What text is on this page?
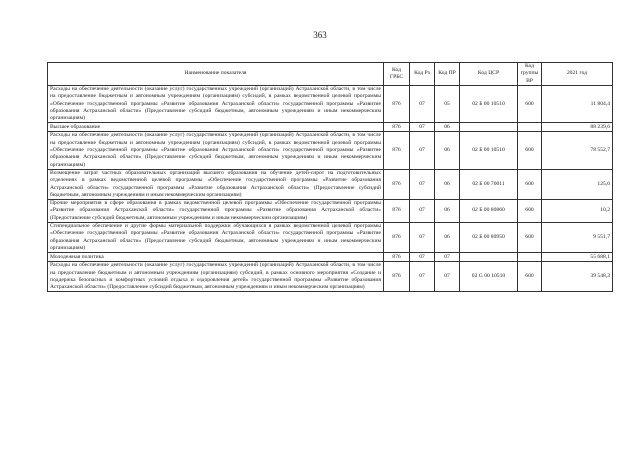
363
Наименование показателя	Код ГРБС	Код Рз	Код ПР	Код ЦСР	Код группы ВР	2021 год
Расходы на обеспечение деятельности (оказание услуг) государственных учреждений (организаций) Астраханской области, в том числе на предоставление бюджетным и автономным учреждениям (организациям) субсидий, в рамках ведомственной целевой программы «Обеспечение государственной программы «Развитие образования Астраханской области» государственной программы «Развитие образования Астраханской области» (Предоставление субсидий бюджетным, автономным учреждениям и иным некоммерческим организациям)	876	07	05	02 Б 00 10510	600	11 804,4
Высшее образование	876	07	06			88 239,6
Расходы на обеспечение деятельности (оказание услуг) государственных учреждений (организаций) Астраханской области, в том числе на предоставление бюджетным и автономным учреждениям (организациям) субсидий, в рамках ведомственной целевой программы «Обеспечение государственной программы «Развитие образования Астраханской области» государственной программы «Развитие образования Астраханской области» (Предоставление субсидий бюджетным, автономным учреждениям и иным некоммерческим организациям)	876	07	06	02 Б 00 10510	600	78 552,7
Возмещение затрат частных образовательных организаций высшего образования на обучение детей-сирот на подготовительных отделениях в рамках ведомственной целевой программы «Обеспечение государственной программы «Развитие образования Астраханской области» государственной программы «Развитие образования Астраханской области» (Предоставление субсидий бюджетным, автономным учреждениям и иным некоммерческим организациям)	876	07	06	02 Б 00 70011	600	125,0
Прочие мероприятия в сфере образования в рамках ведомственной целевой программы «Обеспечение государственной программы «Развитие образования Астраханской области» государственной программы «Развитие образования Астраханской области» (Предоставление субсидий бюджетным, автономным учреждениям и иным некоммерческим организациям)	876	07	06	02 Б 00 80860	600	10,2
Стипендиальное обеспечение и другие формы материальной поддержки обучающихся в рамках ведомственной целевой программы «Обеспечение государственной программы «Развитие образования Астраханской области» государственной программы «Развитие образования Астраханской области» (Предоставление субсидий бюджетным, автономным учреждениям и иным некоммерческим организациям)	876	07	06	02 Б 00 80950	600	9 551,7
Молодежная политика	876	07	07			55 688,1
Расходы на обеспечение деятельности (оказание услуг) государственных учреждений (организаций) Астраханской области, в том числе на предоставление бюджетным и автономным учреждениям (организациям) субсидий, в рамках основного мероприятия «Создание и поддержка безопасных и комфортных условий отдыха и оздоровления детей» государственной программы «Развитие образования Астраханской области» (Предоставление субсидий бюджетным, автономным учреждениям и иным некоммерческим организациям)	876	07	07	02 G 00 10510	600	39 548,3
